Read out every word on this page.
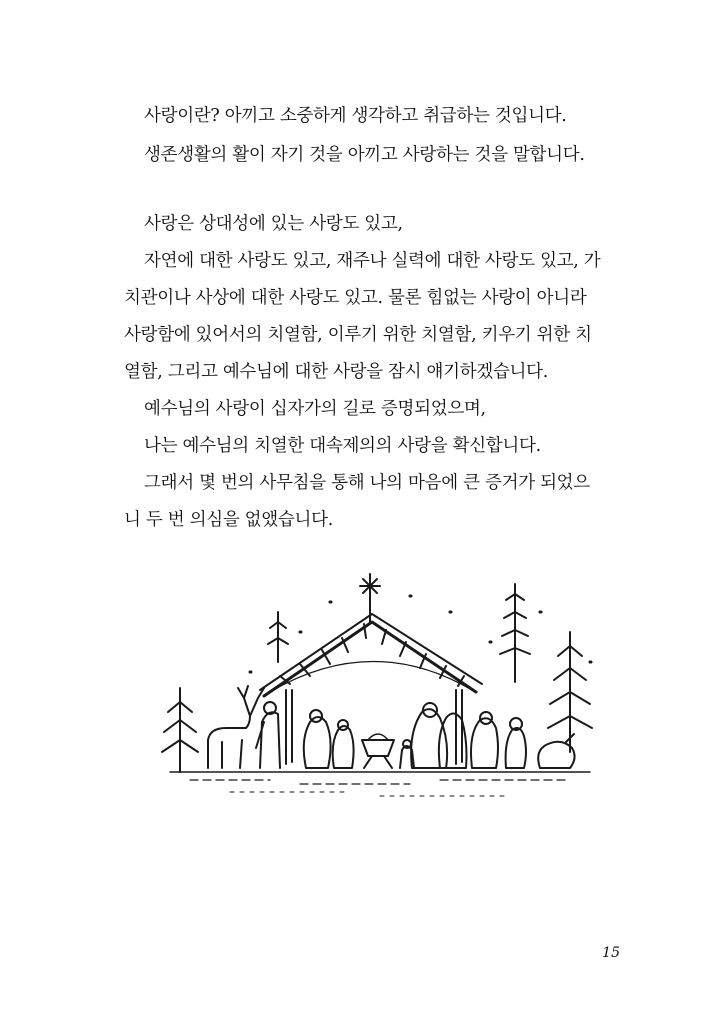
사랑이란? 아끼고 소중하게 생각하고 취급하는 것입니다.
생존생활의 활이 자기 것을 아끼고 사랑하는 것을 말합니다.
사랑은 상대성에 있는 사랑도 있고,
자연에 대한 사랑도 있고, 재주나 실력에 대한 사랑도 있고, 가
치관이나 사상에 대한 사랑도 있고. 물론 힘없는 사랑이 아니라
사랑함에 있어서의 치열함, 이루기 위한 치열함, 키우기 위한 치
열함, 그리고 예수님에 대한 사랑을 잠시 얘기하겠습니다.
예수님의 사랑이 십자가의 길로 증명되었으며,
나는 예수님의 치열한 대속제의의 사랑을 확신합니다.
그래서 몇 번의 사무침을 통해 나의 마음에 큰 증거가 되었으
니 두 번 의심을 없앴습니다.
15
